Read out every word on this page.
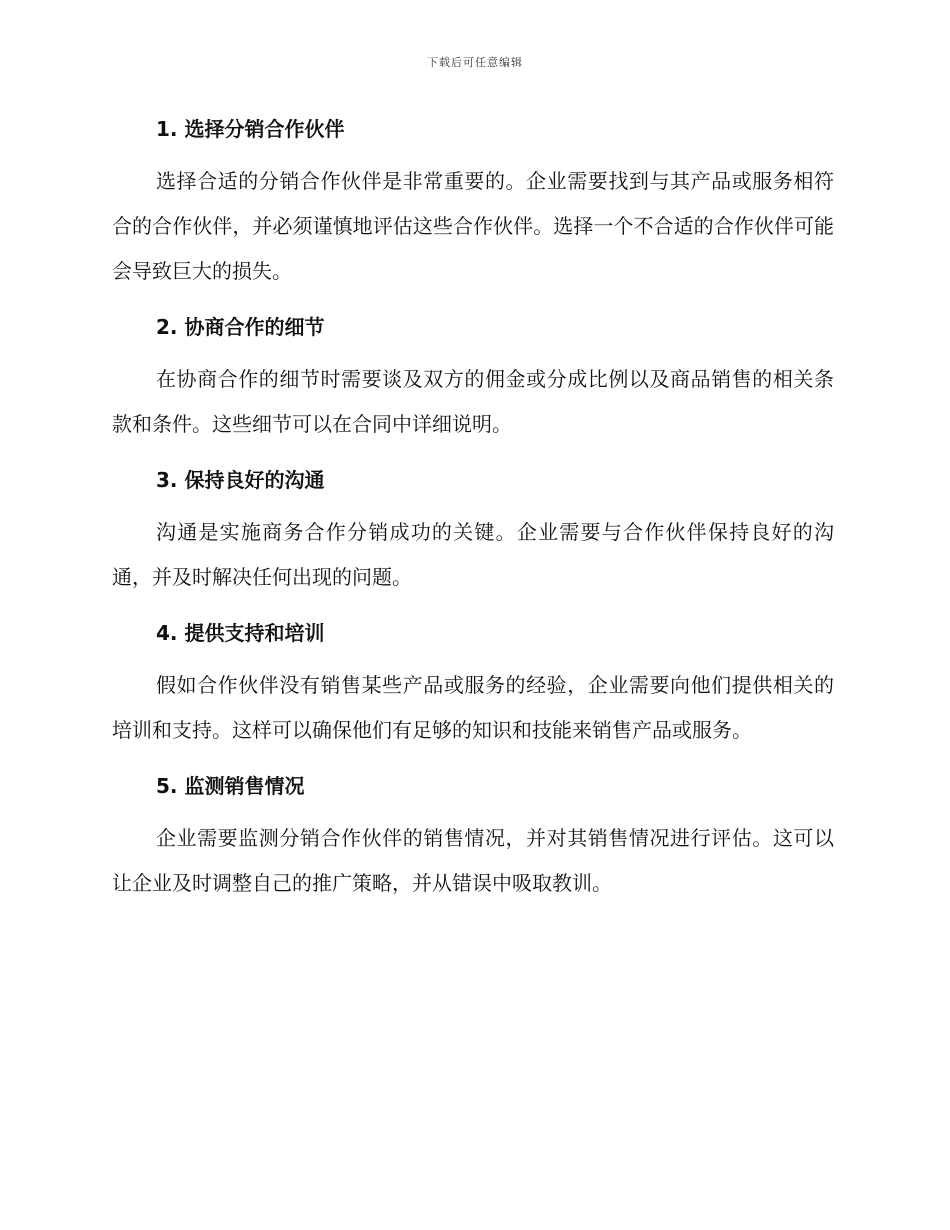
下载后可任意编辑
1. 选择分销合作伙伴

选择合适的分销合作伙伴是非常重要的。企业需要找到与其产品或服务相符合的合作伙伴，并必须谨慎地评估这些合作伙伴。选择一个不合适的合作伙伴可能会导致巨大的损失。

2. 协商合作的细节

在协商合作的细节时需要谈及双方的佣金或分成比例以及商品销售的相关条款和条件。这些细节可以在合同中详细说明。

3. 保持良好的沟通

沟通是实施商务合作分销成功的关键。企业需要与合作伙伴保持良好的沟通，并及时解决任何出现的问题。

4. 提供支持和培训

假如合作伙伴没有销售某些产品或服务的经验，企业需要向他们提供相关的培训和支持。这样可以确保他们有足够的知识和技能来销售产品或服务。

5. 监测销售情况

企业需要监测分销合作伙伴的销售情况，并对其销售情况进行评估。这可以让企业及时调整自己的推广策略，并从错误中吸取教训。
